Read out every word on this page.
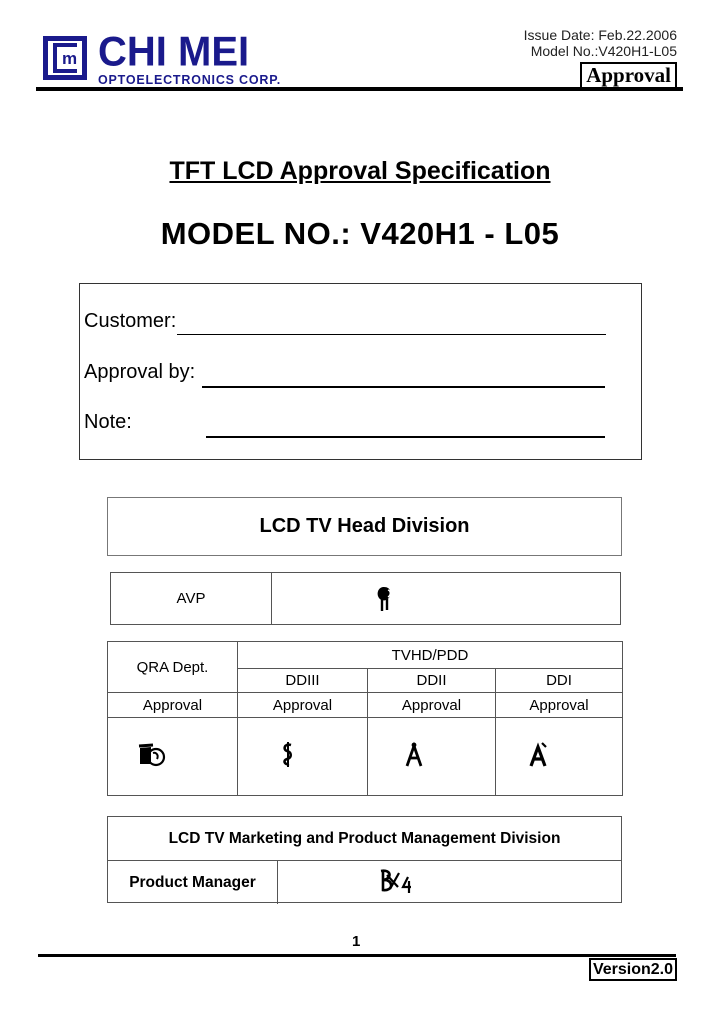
m CHI MEI
OPTOELECTRONICS CORP.
Issue Date: Feb.22.2006
Model No.:V420H1-L05
Approval
TFT LCD Approval Specification
MODEL NO.: V420H1 - L05
Customer:
Approval by:
Note:
LCD TV Head Division
AVP
QRA Dept.	TVHD/PDD		
	DDIII	DDII	DDI
Approval	Approval	Approval	Approval

LCD TV Marketing and Product Management Division
Product Manager
1
Version2.0
